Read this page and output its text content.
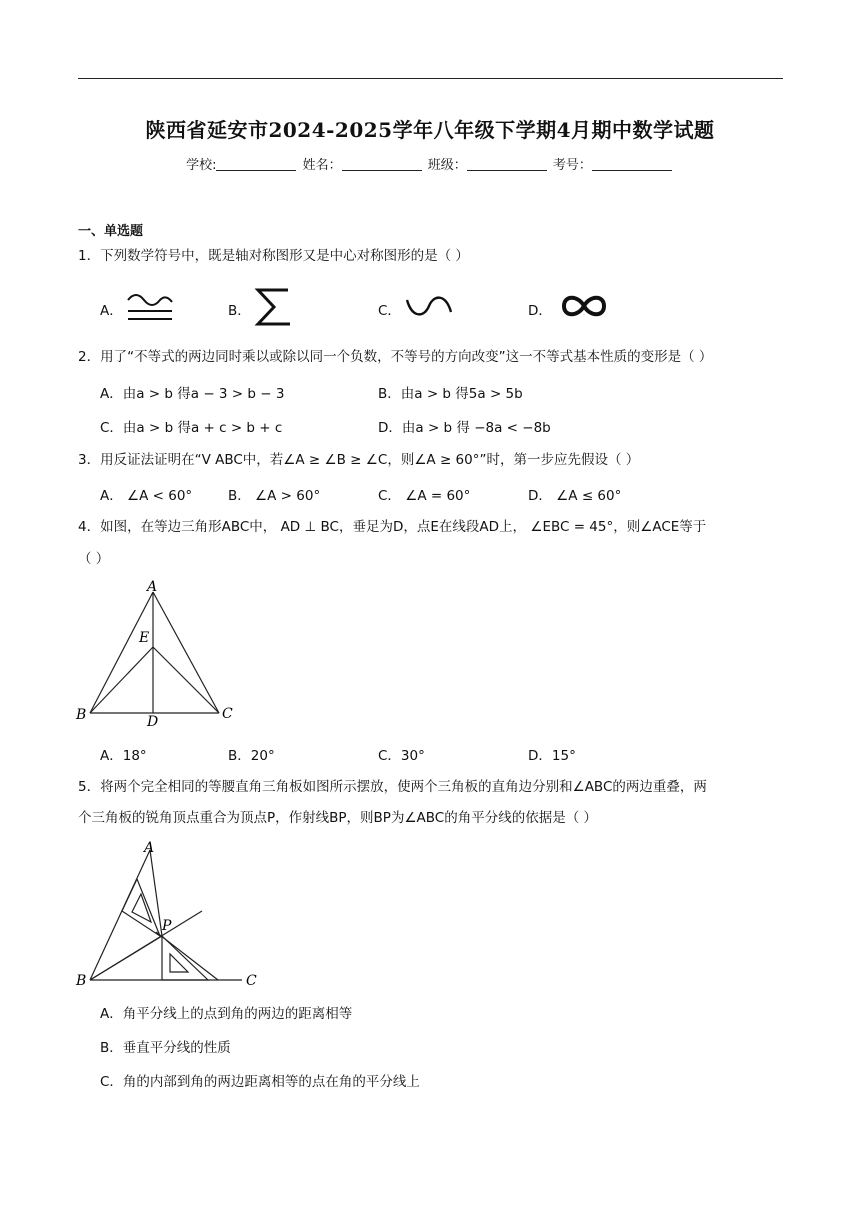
陕西省延安市2024-2025学年八年级下学期4月期中数学试题
学校:	姓名：	班级：	考号：
一、单选题
1．下列数学符号中，既是轴对称图形又是中心对称图形的是（ ）
A．	B．	C．	D．
2．用了“不等式的两边同时乘以或除以同一个负数，不等号的方向改变”这一不等式基本性质的变形是（ ）
A．由a > b 得a − 3 > b − 3	B．由a > b 得5a > 5b
C．由a > b 得a + c > b + c	D．由a > b 得 −8a < −8b
3．用反证法证明在“V ABC中，若∠A ≥ ∠B ≥ ∠C，则∠A ≥ 60°”时，第一步应先假设（ ）
A． ∠A < 60°	B． ∠A > 60°	C． ∠A = 60°	D． ∠A ≤ 60°
4．如图，在等边三角形ABC中， AD ⊥ BC，垂足为D，点E在线段AD上， ∠EBC = 45°，则∠ACE等于
（ ）
A
B	C
D
E
A．18°	B．20°	C．30°	D．15°
5．将两个完全相同的等腰直角三角板如图所示摆放，使两个三角板的直角边分别和∠ABC的两边重叠，两
个三角板的锐角顶点重合为顶点P，作射线BP，则BP为∠ABC的角平分线的依据是（ ）
A
P
B	C
A．角平分线上的点到角的两边的距离相等
B．垂直平分线的性质
C．角的内部到角的两边距离相等的点在角的平分线上
